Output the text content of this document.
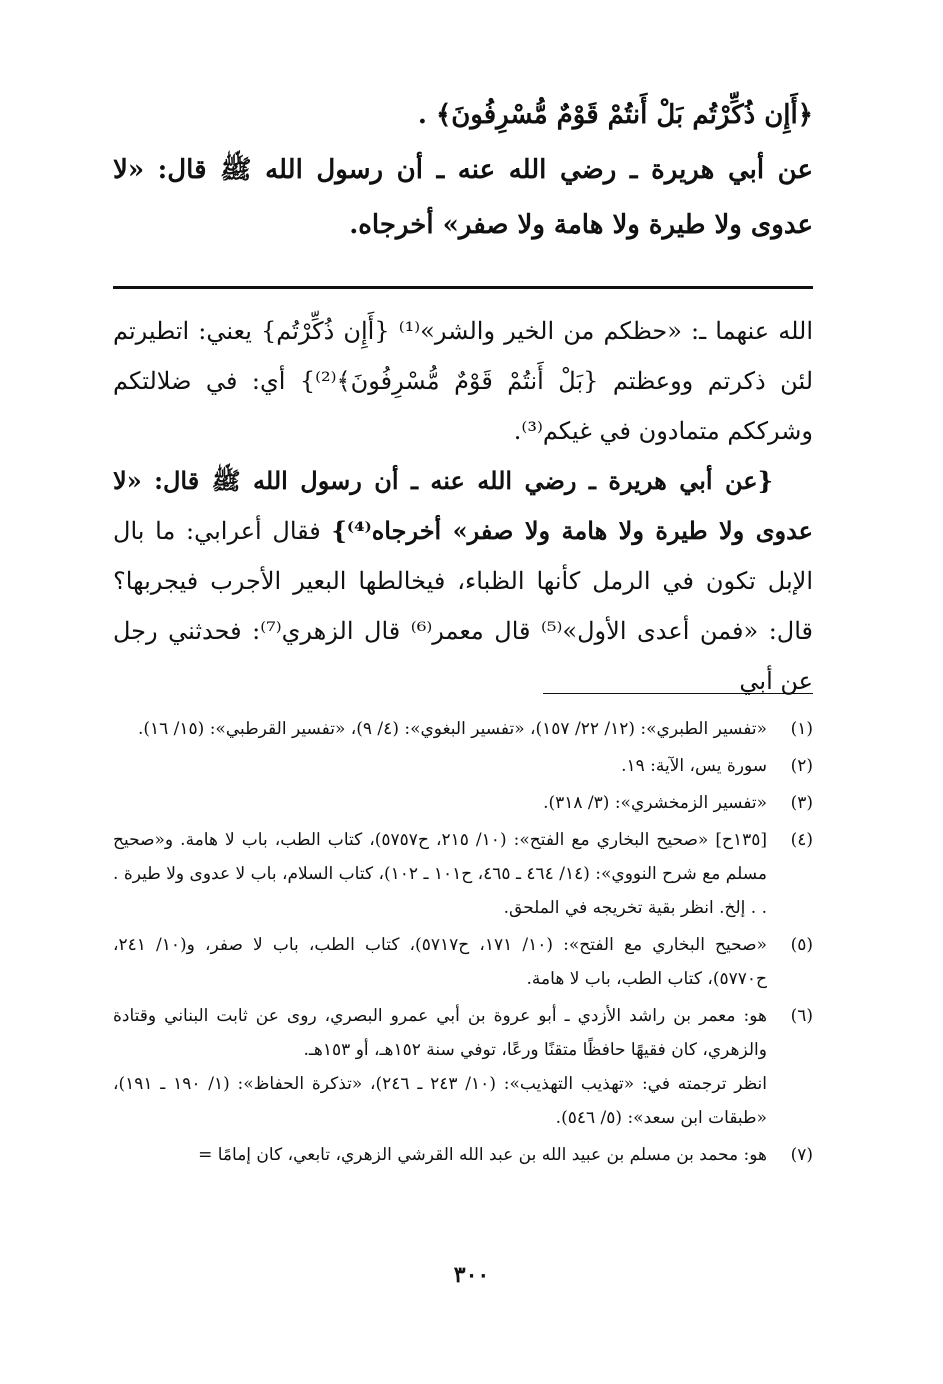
﴿أَإِن ذُكِّرْتُم بَلْ أَنتُمْ قَوْمٌ مُّسْرِفُونَ﴾ .

عن أبي هريرة ـ رضي الله عنه ـ أن رسول الله ﷺ قال: «لا عدوى ولا طيرة ولا هامة ولا صفر» أخرجاه.

الله عنهما ـ: «حظكم من الخير والشر»⁽¹⁾ {أَإِن ذُكِّرْتُم} يعني: اتطيرتم لئن ذكرتم ووعظتم {بَلْ أَنتُمْ قَوْمٌ مُّسْرِفُونَ﴾⁽²⁾} أي: في ضلالتكم وشرككم متمادون في غيكم⁽³⁾.

{عن أبي هريرة ـ رضي الله عنه ـ أن رسول الله ﷺ قال: «لا عدوى ولا طيرة ولا هامة ولا صفر» أخرجاه⁽⁴⁾} فقال أعرابي: ما بال الإبل تكون في الرمل كأنها الظباء، فيخالطها البعير الأجرب فيجربها؟ قال: «فمن أعدى الأول»⁽⁵⁾ قال معمر⁽⁶⁾ قال الزهري⁽⁷⁾: فحدثني رجل عن أبي

(١)
«تفسير الطبري»: (١٢/ ٢٢/ ١٥٧)، «تفسير البغوي»: (٤/ ٩)، «تفسير القرطبي»: (١٥/ ١٦).
(٢)
سورة يس، الآية: ١٩.
(٣)
«تفسير الزمخشري»: (٣/ ٣١٨).
(٤)
[١٣٥ح] «صحيح البخاري مع الفتح»: (١٠/ ٢١٥، ح٥٧٥٧)، كتاب الطب، باب لا هامة. و«صحيح مسلم مع شرح النووي»: (١٤/ ٤٦٤ ـ ٤٦٥، ح١٠١ ـ ١٠٢)، كتاب السلام، باب لا عدوى ولا طيرة . . . إلخ. انظر بقية تخريجه في الملحق.
(٥)
«صحيح البخاري مع الفتح»: (١٠/ ١٧١، ح٥٧١٧)، كتاب الطب، باب لا صفر، و(١٠/ ٢٤١، ح٥٧٧٠)، كتاب الطب، باب لا هامة.
(٦)
هو: معمر بن راشد الأزدي ـ أبو عروة بن أبي عمرو البصري، روى عن ثابت البناني وقتادة والزهري، كان فقيهًا حافظًا متقنًا ورعًا، توفي سنة ١٥٢هـ، أو ١٥٣هـ.
انظر ترجمته في: «تهذيب التهذيب»: (١٠/ ٢٤٣ ـ ٢٤٦)، «تذكرة الحفاظ»: (١/ ١٩٠ ـ ١٩١)، «طبقات ابن سعد»: (٥/ ٥٤٦).
(٧)
هو: محمد بن مسلم بن عبيد الله بن عبد الله القرشي الزهري، تابعي، كان إمامًا =
٣٠٠
